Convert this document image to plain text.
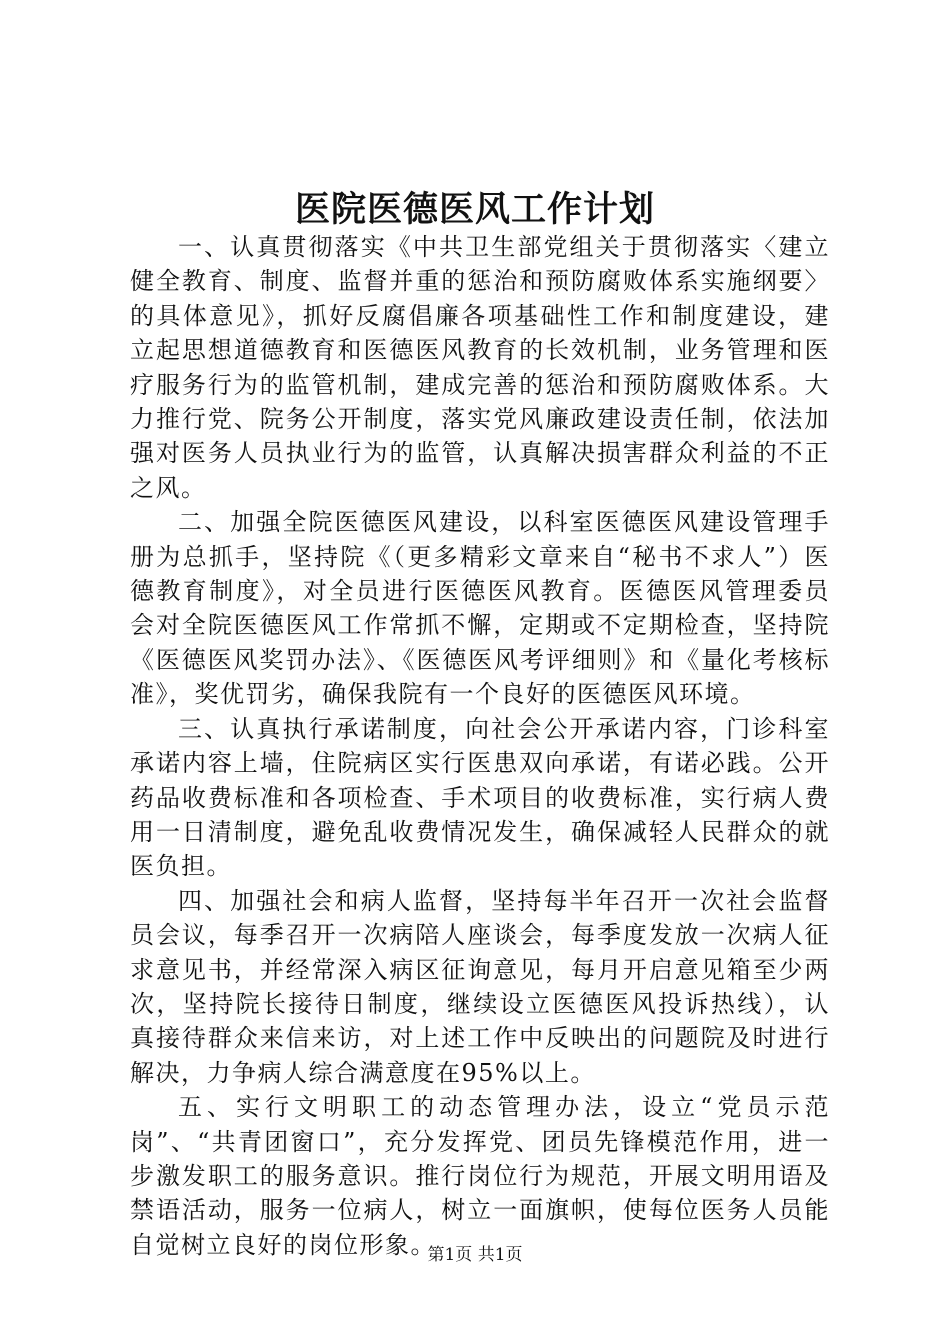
医院医德医风工作计划

一、认真贯彻落实《中共卫生部党组关于贯彻落实〈建立健全教育、制度、监督并重的惩治和预防腐败体系实施纲要〉的具体意见》，抓好反腐倡廉各项基础性工作和制度建设，建立起思想道德教育和医德医风教育的长效机制，业务管理和医疗服务行为的监管机制，建成完善的惩治和预防腐败体系。大力推行党、院务公开制度，落实党风廉政建设责任制，依法加强对医务人员执业行为的监管，认真解决损害群众利益的不正之风。

二、加强全院医德医风建设，以科室医德医风建设管理手册为总抓手，坚持院《（更多精彩文章来自“秘书不求人”）医德教育制度》，对全员进行医德医风教育。医德医风管理委员会对全院医德医风工作常抓不懈，定期或不定期检查，坚持院《医德医风奖罚办法》、《医德医风考评细则》和《量化考核标准》，奖优罚劣，确保我院有一个良好的医德医风环境。

三、认真执行承诺制度，向社会公开承诺内容，门诊科室承诺内容上墙，住院病区实行医患双向承诺，有诺必践。公开药品收费标准和各项检查、手术项目的收费标准，实行病人费用一日清制度，避免乱收费情况发生，确保减轻人民群众的就医负担。

四、加强社会和病人监督，坚持每半年召开一次社会监督员会议，每季召开一次病陪人座谈会，每季度发放一次病人征求意见书，并经常深入病区征询意见，每月开启意见箱至少两次，坚持院长接待日制度，继续设立医德医风投诉热线），认真接待群众来信来访，对上述工作中反映出的问题院及时进行解决，力争病人综合满意度在95%以上。

五、实行文明职工的动态管理办法，设立“党员示范岗”、“共青团窗口”，充分发挥党、团员先锋模范作用，进一步激发职工的服务意识。推行岗位行为规范，开展文明用语及禁语活动，服务一位病人，树立一面旗帜，使每位医务人员能自觉树立良好的岗位形象。

第1页 共1页
